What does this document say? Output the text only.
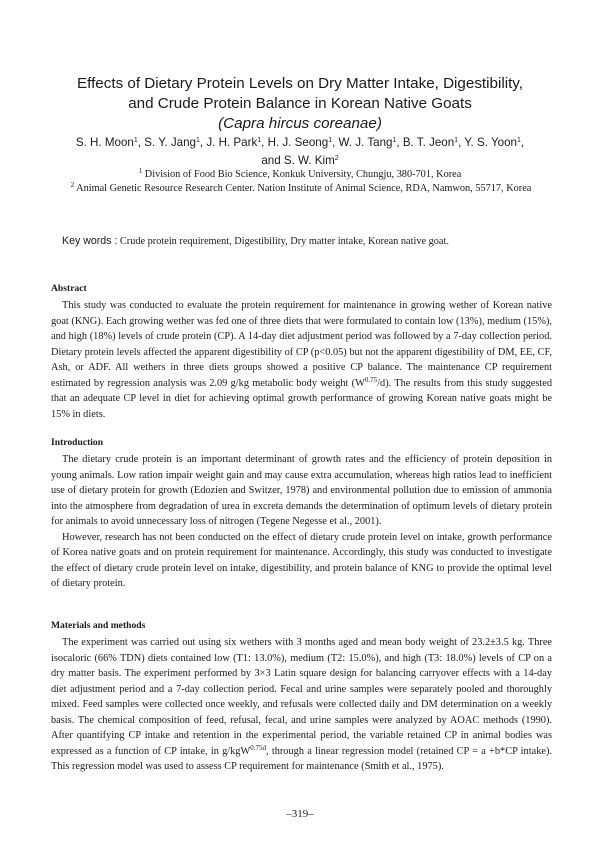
Effects of Dietary Protein Levels on Dry Matter Intake, Digestibility,
and Crude Protein Balance in Korean Native Goats
(Capra hircus coreanae)
S. H. Moon$^1$, S. Y. Jang$^1$, J. H. Park$^1$, H. J. Seong$^1$, W. J. Tang$^1$, B. T. Jeon$^1$, Y. S. Yoon$^1$,
and S. W. Kim$^2$
$^1$ Division of Food Bio Science, Konkuk University, Chungju, 380-701, Korea
$^2$ Animal Genetic Resource Research Center. Nation Institute of Animal Science, RDA, Namwon, 55717, Korea
Key words : Crude protein requirement, Digestibility, Dry matter intake, Korean native goat.
Abstract

This study was conducted to evaluate the protein requirement for maintenance in growing wether of Korean native goat (KNG). Each growing wether was fed one of three diets that were formulated to contain low (13%), medium (15%), and high (18%) levels of crude protein (CP). A 14-day diet adjustment period was followed by a 7-day collection period. Dietary protein levels affected the apparent digestibility of CP (p<0.05) but not the apparent digestibility of DM, EE, CF, Ash, or ADF. All wethers in three diets groups showed a positive CP balance. The maintenance CP requirement estimated by regression analysis was 2.09 g/kg metabolic body weight $(W^{0.75}/d)$. The results from this study suggested that an adequate CP level in diet for achieving optimal growth performance of growing Korean native goats might be 15% in diets.

Introduction

The dietary crude protein is an important determinant of growth rates and the efficiency of protein deposition in young animals. Low ration impair weight gain and may cause extra accumulation, whereas high ratios lead to inefficient use of dietary protein for growth (Edozien and Switzer, 1978) and environmental pollution due to emission of ammonia into the atmosphere from degradation of urea in excreta demands the determination of optimum levels of dietary protein for animals to avoid unnecessary loss of nitrogen (Tegene Negesse et al., 2001).

However, research has not been conducted on the effect of dietary crude protein level on intake, growth performance of Korea native goats and on protein requirement for maintenance. Accordingly, this study was conducted to investigate the effect of dietary crude protein level on intake, digestibility, and protein balance of KNG to provide the optimal level of dietary protein.

Materials and methods

The experiment was carried out using six wethers with 3 months aged and mean body weight of 23.2±3.5 kg. Three isocaloric (66% TDN) diets contained low (T1: 13.0%), medium (T2: 15.0%), and high (T3: 18.0%) levels of CP on a dry matter basis. The experiment performed by 3×3 Latin square design for balancing carryover effects with a 14-day diet adjustment period and a 7-day collection period. Fecal and urine samples were separately pooled and thoroughly mixed. Feed samples were collected once weekly, and refusals were collected daily and DM determination on a weekly basis. The chemical composition of feed, refusal, fecal, and urine samples were analyzed by AOAC methods (1990). After quantifying CP intake and retention in the experimental period, the variable retained CP in animal bodies was expressed as a function of CP intake, in g/kgW$^{0.75d}$, through a linear regression model (retained CP = a +b*CP intake). This regression model was used to assess CP requirement for maintenance (Smith et al., 1975).

–319–
